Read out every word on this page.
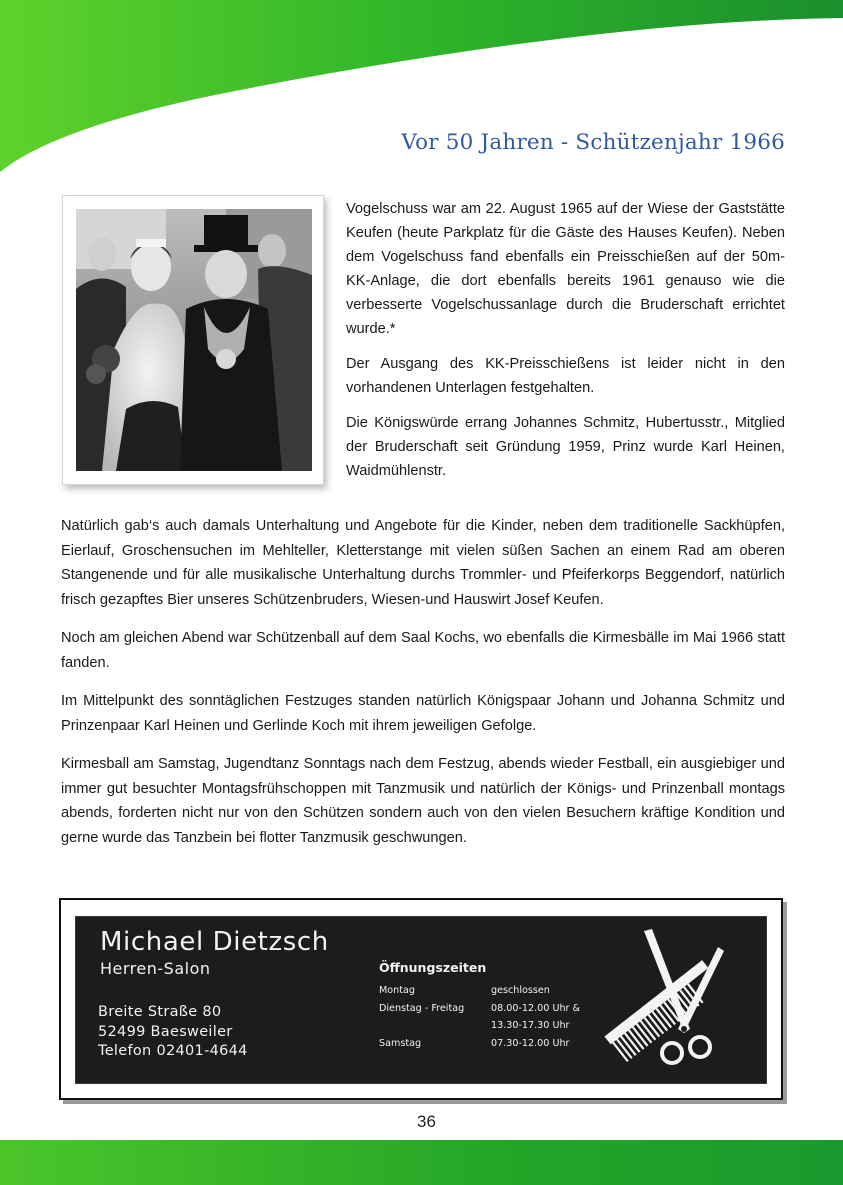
Vor 50 Jahren - Schützenjahr 1966

Vogelschuss war am 22. August 1965 auf der Wiese der Gaststätte Keufen (heute Parkplatz für die Gäste des Hauses Keufen). Neben dem Vogelschuss fand ebenfalls ein Preisschießen auf der 50m-KK-Anlage, die dort ebenfalls bereits 1961 genauso wie die verbesserte Vogelschussanlage durch die Bruderschaft errichtet wurde.*

Der Ausgang des KK-Preisschießens ist leider nicht in den vorhandenen Unterlagen festgehalten.

Die Königswürde errang Johannes Schmitz, Hubertusstr., Mitglied der Bruderschaft seit Gründung 1959, Prinz wurde Karl Heinen, Waidmühlenstr.

Natürlich gab‘s auch damals Unterhaltung und Angebote für die Kinder, neben dem traditionelle Sackhüpfen, Eierlauf, Groschensuchen im Mehlteller, Kletterstange mit vielen süßen Sachen an einem Rad am oberen Stangenende und für alle musikalische Unterhaltung durchs Trommler- und Pfeiferkorps Beggendorf, natürlich frisch gezapftes Bier unseres Schützenbruders, Wiesen-und Hauswirt Josef Keufen.

Noch am gleichen Abend war Schützenball auf dem Saal Kochs, wo ebenfalls die Kirmesbälle im Mai 1966 statt fanden.

Im Mittelpunkt des sonntäglichen Festzuges standen natürlich Königspaar Johann und Johanna Schmitz und Prinzenpaar Karl Heinen und Gerlinde Koch mit ihrem jeweiligen Gefolge.

Kirmesball am Samstag, Jugendtanz Sonntags nach dem Festzug, abends wieder Festball, ein ausgiebiger und immer gut besuchter Montagsfrühschoppen mit Tanzmusik und natürlich der Königs- und Prinzenball montags abends, forderten nicht nur von den Schützen sondern auch von den vielen Besuchern kräftige Kondition und gerne wurde das Tanzbein bei flotter Tanzmusik geschwungen.

Michael Dietzsch
Herren-Salon
Breite Straße 80
52499 Baesweiler
Telefon 02401-4644
Öffnungszeiten
Montag	geschlossen
Dienstag - Freitag	08.00-12.00 Uhr &
13.30-17.30 Uhr
Samstag	07.30-12.00 Uhr
36
